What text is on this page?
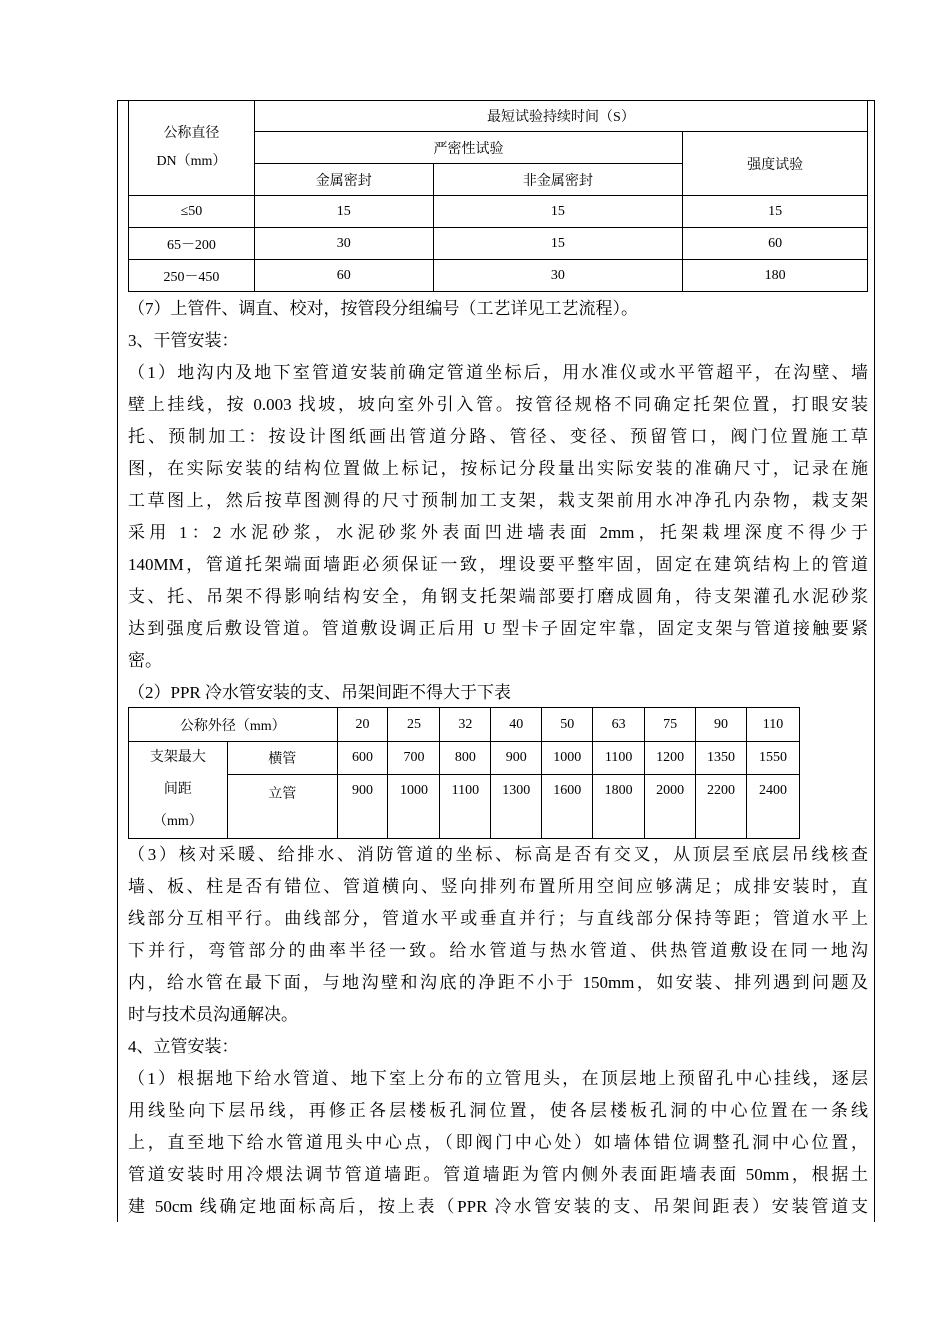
公称直径
DN（mm）	最短试验持续时间（S）		
	严密性试验		强度试验
	金属密封	非金属密封	
≤50	15	15	15
65－200	30	15	60
250－450	60	30	180
（7）上管件、调直、校对，按管段分组编号（工艺详见工艺流程）。
3、干管安装：
（1）地沟内及地下室管道安装前确定管道坐标后，用水准仪或水平管超平，在沟壁、墙
壁上挂线，按 0.003 找坡，坡向室外引入管。按管径规格不同确定托架位置，打眼安装
托、预制加工：按设计图纸画出管道分路、管径、变径、预留管口，阀门位置施工草
图，在实际安装的结构位置做上标记，按标记分段量出实际安装的准确尺寸，记录在施
工草图上，然后按草图测得的尺寸预制加工支架，栽支架前用水冲净孔内杂物，栽支架
采用 1：2 水泥砂浆，水泥砂浆外表面凹进墙表面 2mm，托架栽埋深度不得少于
140MM，管道托架端面墙距必须保证一致，埋设要平整牢固，固定在建筑结构上的管道
支、托、吊架不得影响结构安全，角钢支托架端部要打磨成圆角，待支架灌孔水泥砂浆
达到强度后敷设管道。管道敷设调正后用 U 型卡子固定牢靠，固定支架与管道接触要紧
密。
（2）PPR 冷水管安装的支、吊架间距不得大于下表
公称外径（mm）		20	25	32	40	50	63	75	90	110

支架最大
间距
（mm）	横管	600	700	800	900	1000	1100	1200	1350	1550
	立管	900	1000	1100	1300	1600	1800	2000	2200	2400
（3）核对采暖、给排水、消防管道的坐标、标高是否有交叉，从顶层至底层吊线核查
墙、板、柱是否有错位、管道横向、竖向排列布置所用空间应够满足；成排安装时，直
线部分互相平行。曲线部分，管道水平或垂直并行；与直线部分保持等距；管道水平上
下并行，弯管部分的曲率半径一致。给水管道与热水管道、供热管道敷设在同一地沟
内，给水管在最下面，与地沟壁和沟底的净距不小于 150mm，如安装、排列遇到问题及
时与技术员沟通解决。
4、立管安装：
（1）根据地下给水管道、地下室上分布的立管甩头，在顶层地上预留孔中心挂线，逐层
用线坠向下层吊线，再修正各层楼板孔洞位置，使各层楼板孔洞的中心位置在一条线
上，直至地下给水管道甩头中心点，（即阀门中心处）如墙体错位调整孔洞中心位置，
管道安装时用冷煨法调节管道墙距。管道墙距为管内侧外表面距墙表面 50mm，根据土
建 50cm 线确定地面标高后，按上表（PPR 冷水管安装的支、吊架间距表）安装管道支
